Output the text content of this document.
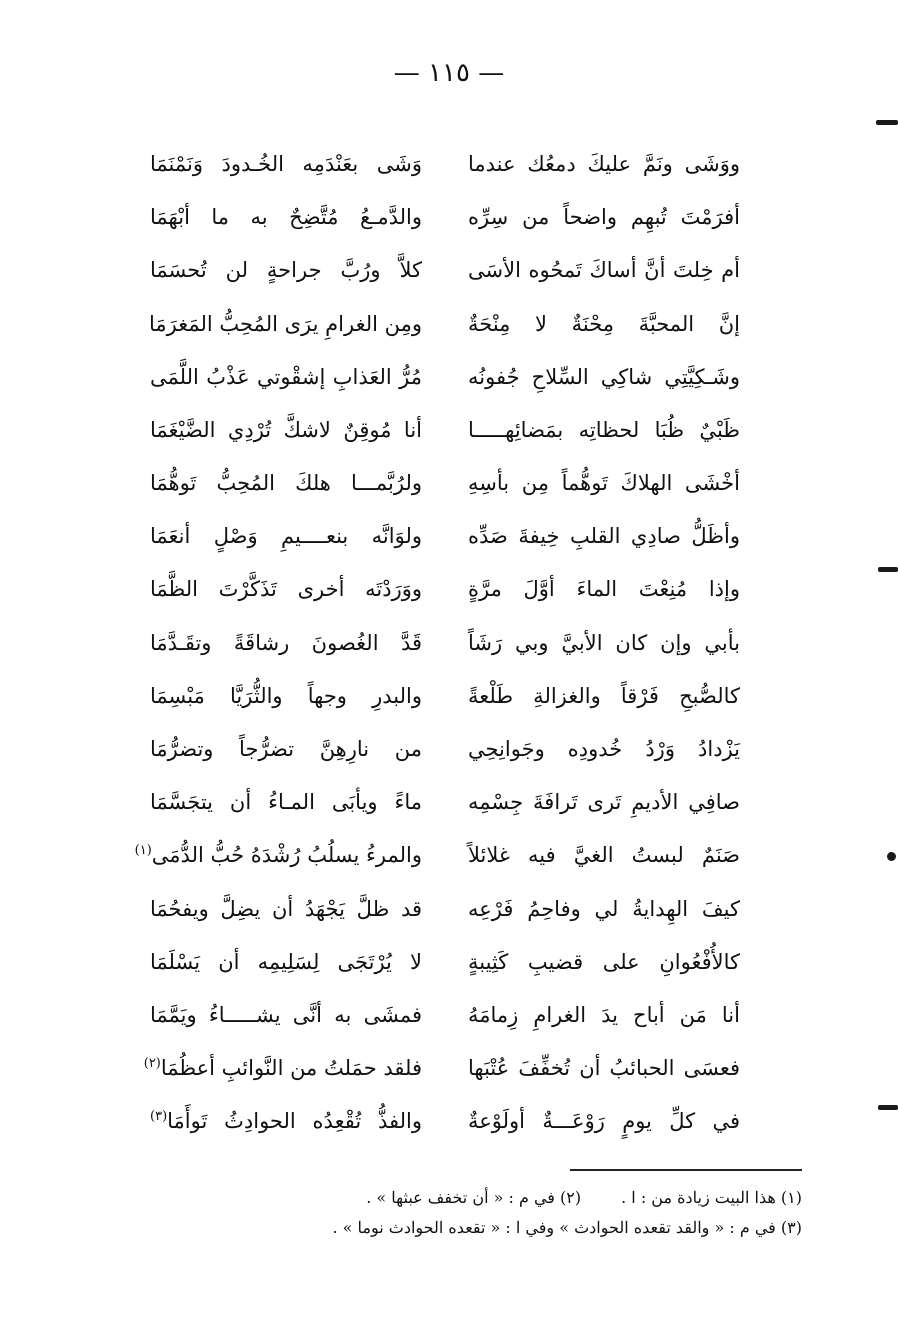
— ١١٥ —
ووَشَى ونَمَّ عليكَ دمعُك عندما
وَشَى بعَنْدَمِه الخُـدودَ وَنَمْنَمَا
أفرَمْتَ تُبهِم واضحاً من سِرِّه
والدَّمـعُ مُتَّضِحٌ به ما أبْهَمَا
أم خِلتَ أنَّ أساكَ تَمحُوه الأسَى
كلاَّ ورُبَّ جراحةٍ لن تُحسَمَا
إنَّ المحبَّةَ مِحْنَةٌ لا مِنْحَةٌ
ومِن الغرامِ يرَى المُحِبُّ المَغرَمَا
وشَـكِيَّتِي شاكِي السِّلاحِ جُفونُه
مُرُّ العَذابِ إشقْوتي عَذْبُ اللَّمَى
ظَبْيٌ ظُبَا لحظاتِه بمَضائِهـــــا
أنا مُوقِنٌ لاشكَّ تُرْدِي الضَّيْغَمَا
أخْشَى الهلاكَ تَوهُّماً مِن بأسِهِ
ولرُبَّمـــا هلكَ المُحِبُّ تَوهُّمَا
وأظَلُّ صادِي القلبِ خِيفةَ صَدِّه
ولوَانَّه بنعــــيمِ وَصْلٍ أنعَمَا
وإذا مُنِعْتَ الماءَ أوَّلَ مرَّةٍ
ووَرَدْتَه أخرى تَذَكَّرْتَ الظَّمَا
بأبي وإن كان الأبيَّ وبي رَشَاً
قَدَّ الغُصونَ رشاقَةً وتقَـدَّمَا
كالصُّبحِ فَرْقاً والغزالةِ طَلْعةً
والبدرِ وجهاً والثُّرَيَّا مَبْسِمَا
يَزْدادُ وَرْدُ خُدودِه وجَوانِحِي
من نارِهِنَّ تضرُّجاً وتضرُّمَا
صافِي الأديمِ تَرى تَرافَةَ جِسْمِه
ماءً ويأبَى المـاءُ أن يتجَسَّمَا
صَنَمٌ لبستُ الغيَّ فيه غلائلاً
والمرءُ يسلُبُ رُشْدَهُ حُبُّ الدُّمَى$^{(١)}$
كيفَ الهِدايةُ لي وفاحِمُ فَرْعِه
قد ظلَّ يَجْهَدُ أن يضِلَّ ويفحُمَا
كالأُفْعُوانِ على قضيبِ كَثِيبةٍ
لا يُرْتَجَى لِسَلِيمِه أن يَسْلَمَا
أنا مَن أباح يدَ الغرامِ زِمامَهُ
فمشَى به أنَّى يشـــــاءُ ويَمَّمَا
فعسَى الحبائبُ أن تُخفِّفَ عُتْبَها
فلقد حمَلتُ من النَّوائبِ أعظُمَا$^{(٢)}$
في كلِّ يومٍ رَوْعَـــةٌ أولَوْعةٌ
والفذُّ تُقْعِدُه الحوادِثُ تَوأَمَا$^{(٣)}$
(١) هذا البيت زيادة من : ا .
(٢) في م : « أن تخفف عبثها » .
(٣) في م : « والقد تقعده الحوادث » وفي ا : « تقعده الحوادث نوما » .
